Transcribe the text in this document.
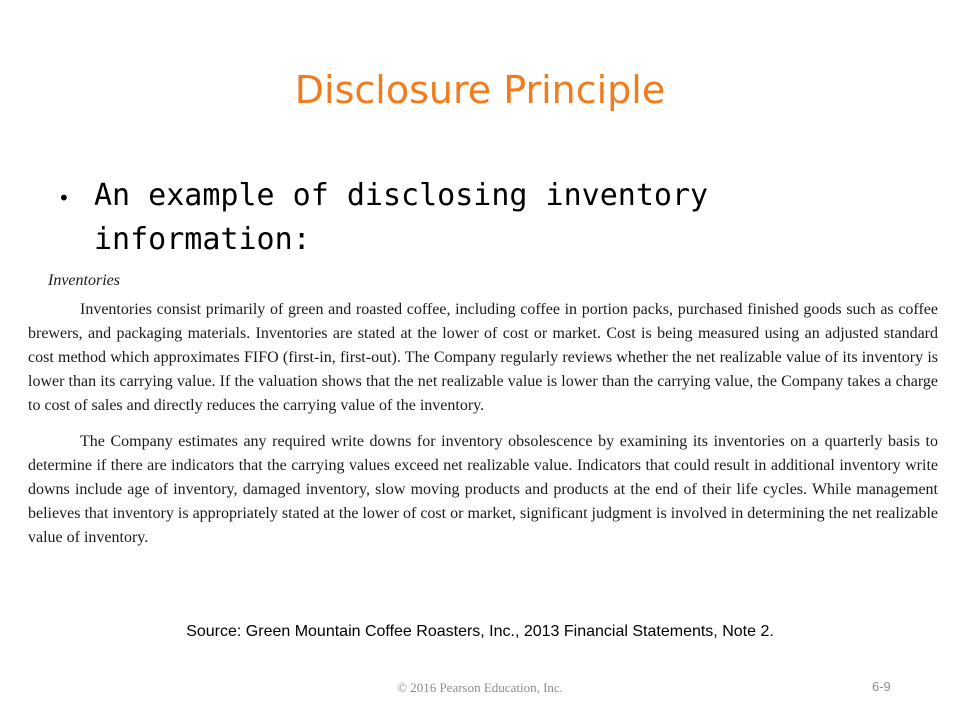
Disclosure Principle
• An example of disclosing inventory information:

Inventories

Inventories consist primarily of green and roasted coffee, including coffee in portion packs, purchased finished goods such as coffee brewers, and packaging materials. Inventories are stated at the lower of cost or market. Cost is being measured using an adjusted standard cost method which approximates FIFO (first-in, first-out). The Company regularly reviews whether the net realizable value of its inventory is lower than its carrying value. If the valuation shows that the net realizable value is lower than the carrying value, the Company takes a charge to cost of sales and directly reduces the carrying value of the inventory.

The Company estimates any required write downs for inventory obsolescence by examining its inventories on a quarterly basis to determine if there are indicators that the carrying values exceed net realizable value. Indicators that could result in additional inventory write downs include age of inventory, damaged inventory, slow moving products and products at the end of their life cycles. While management believes that inventory is appropriately stated at the lower of cost or market, significant judgment is involved in determining the net realizable value of inventory.

Source: Green Mountain Coffee Roasters, Inc., 2013 Financial Statements, Note 2.
© 2016 Pearson Education, Inc.	6-9
